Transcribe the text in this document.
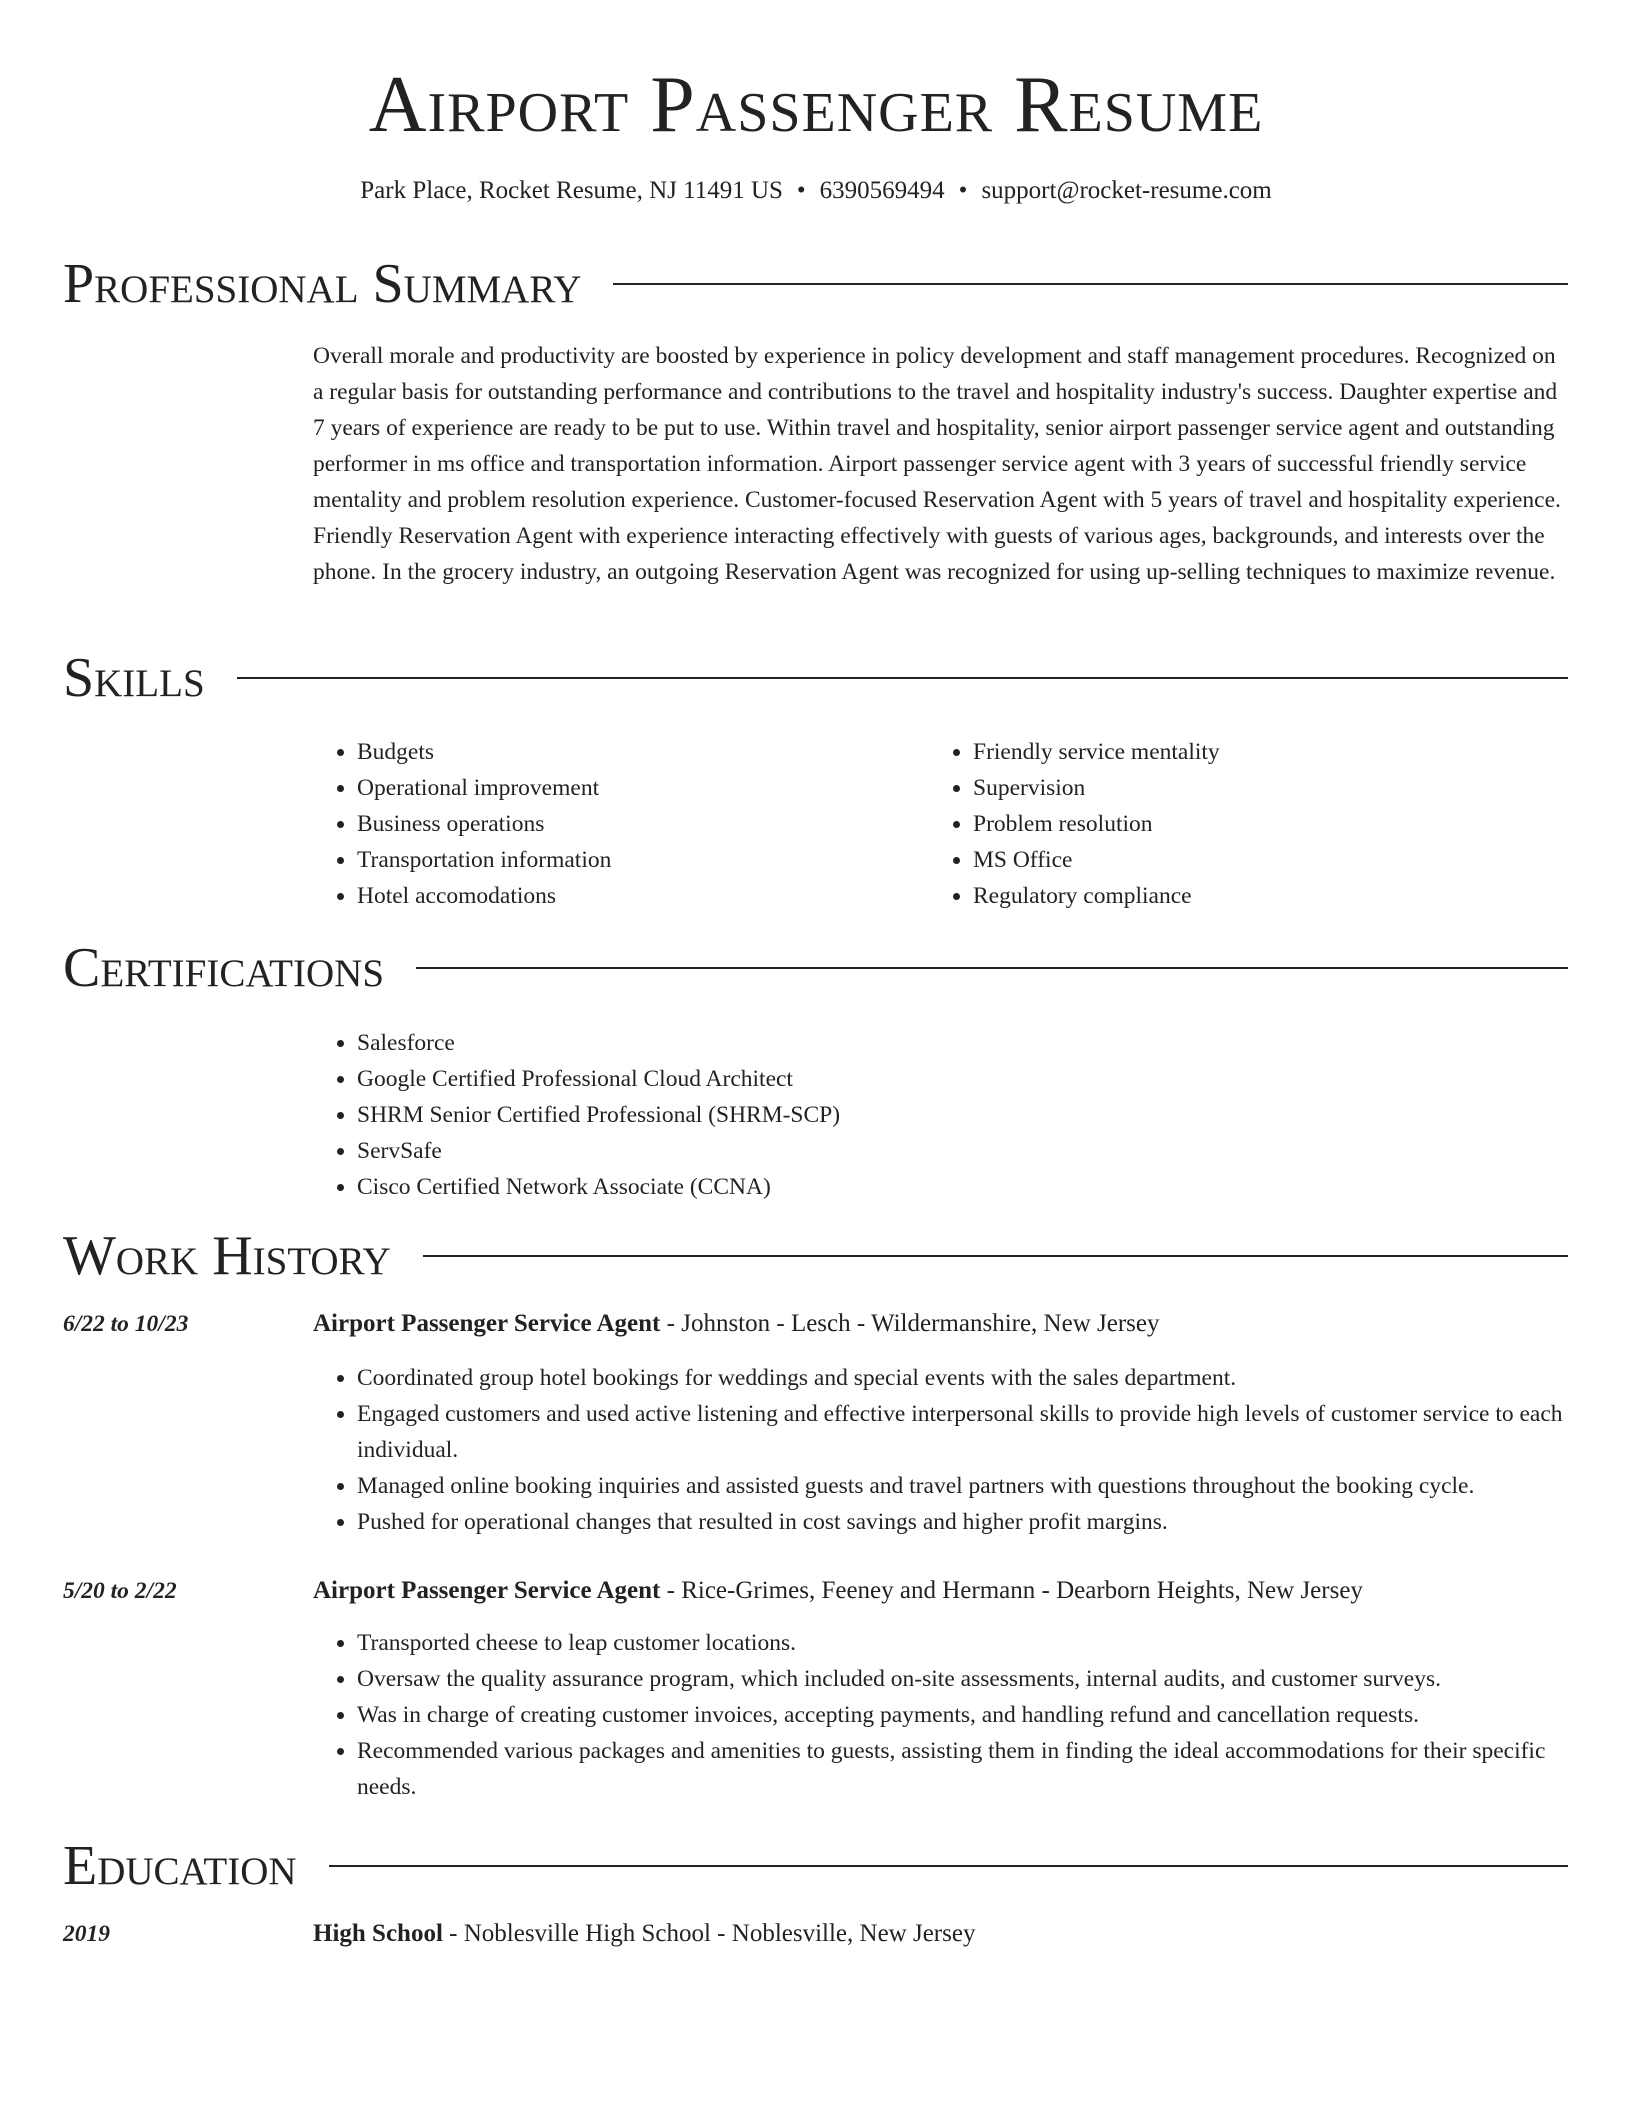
Airport Passenger Resume
Park Place, Rocket Resume, NJ 11491 US • 6390569494 • support@rocket-resume.com
Professional Summary

Overall morale and productivity are boosted by experience in policy development and staff management procedures. Recognized on a regular basis for outstanding performance and contributions to the travel and hospitality industry's success. Daughter expertise and 7 years of experience are ready to be put to use. Within travel and hospitality, senior airport passenger service agent and outstanding performer in ms office and transportation information. Airport passenger service agent with 3 years of successful friendly service mentality and problem resolution experience. Customer-focused Reservation Agent with 5 years of travel and hospitality experience. Friendly Reservation Agent with experience interacting effectively with guests of various ages, backgrounds, and interests over the phone. In the grocery industry, an outgoing Reservation Agent was recognized for using up-selling techniques to maximize revenue.

Skills
• Budgets
• Operational improvement
• Business operations
• Transportation information
• Hotel accomodations
• Friendly service mentality
• Supervision
• Problem resolution
• MS Office
• Regulatory compliance
Certifications
• Salesforce
• Google Certified Professional Cloud Architect
• SHRM Senior Certified Professional (SHRM-SCP)
• ServSafe
• Cisco Certified Network Associate (CCNA)
Work History
6/22 to 10/23	Airport Passenger Service Agent - Johnston - Lesch - Wildermanshire, New Jersey
• Coordinated group hotel bookings for weddings and special events with the sales department.
• Engaged customers and used active listening and effective interpersonal skills to provide high levels of customer service to each individual.
• Managed online booking inquiries and assisted guests and travel partners with questions throughout the booking cycle.
• Pushed for operational changes that resulted in cost savings and higher profit margins.
5/20 to 2/22	Airport Passenger Service Agent - Rice-Grimes, Feeney and Hermann - Dearborn Heights, New Jersey
• Transported cheese to leap customer locations.
• Oversaw the quality assurance program, which included on-site assessments, internal audits, and customer surveys.
• Was in charge of creating customer invoices, accepting payments, and handling refund and cancellation requests.
• Recommended various packages and amenities to guests, assisting them in finding the ideal accommodations for their specific needs.
Education
2019	High School - Noblesville High School - Noblesville, New Jersey
